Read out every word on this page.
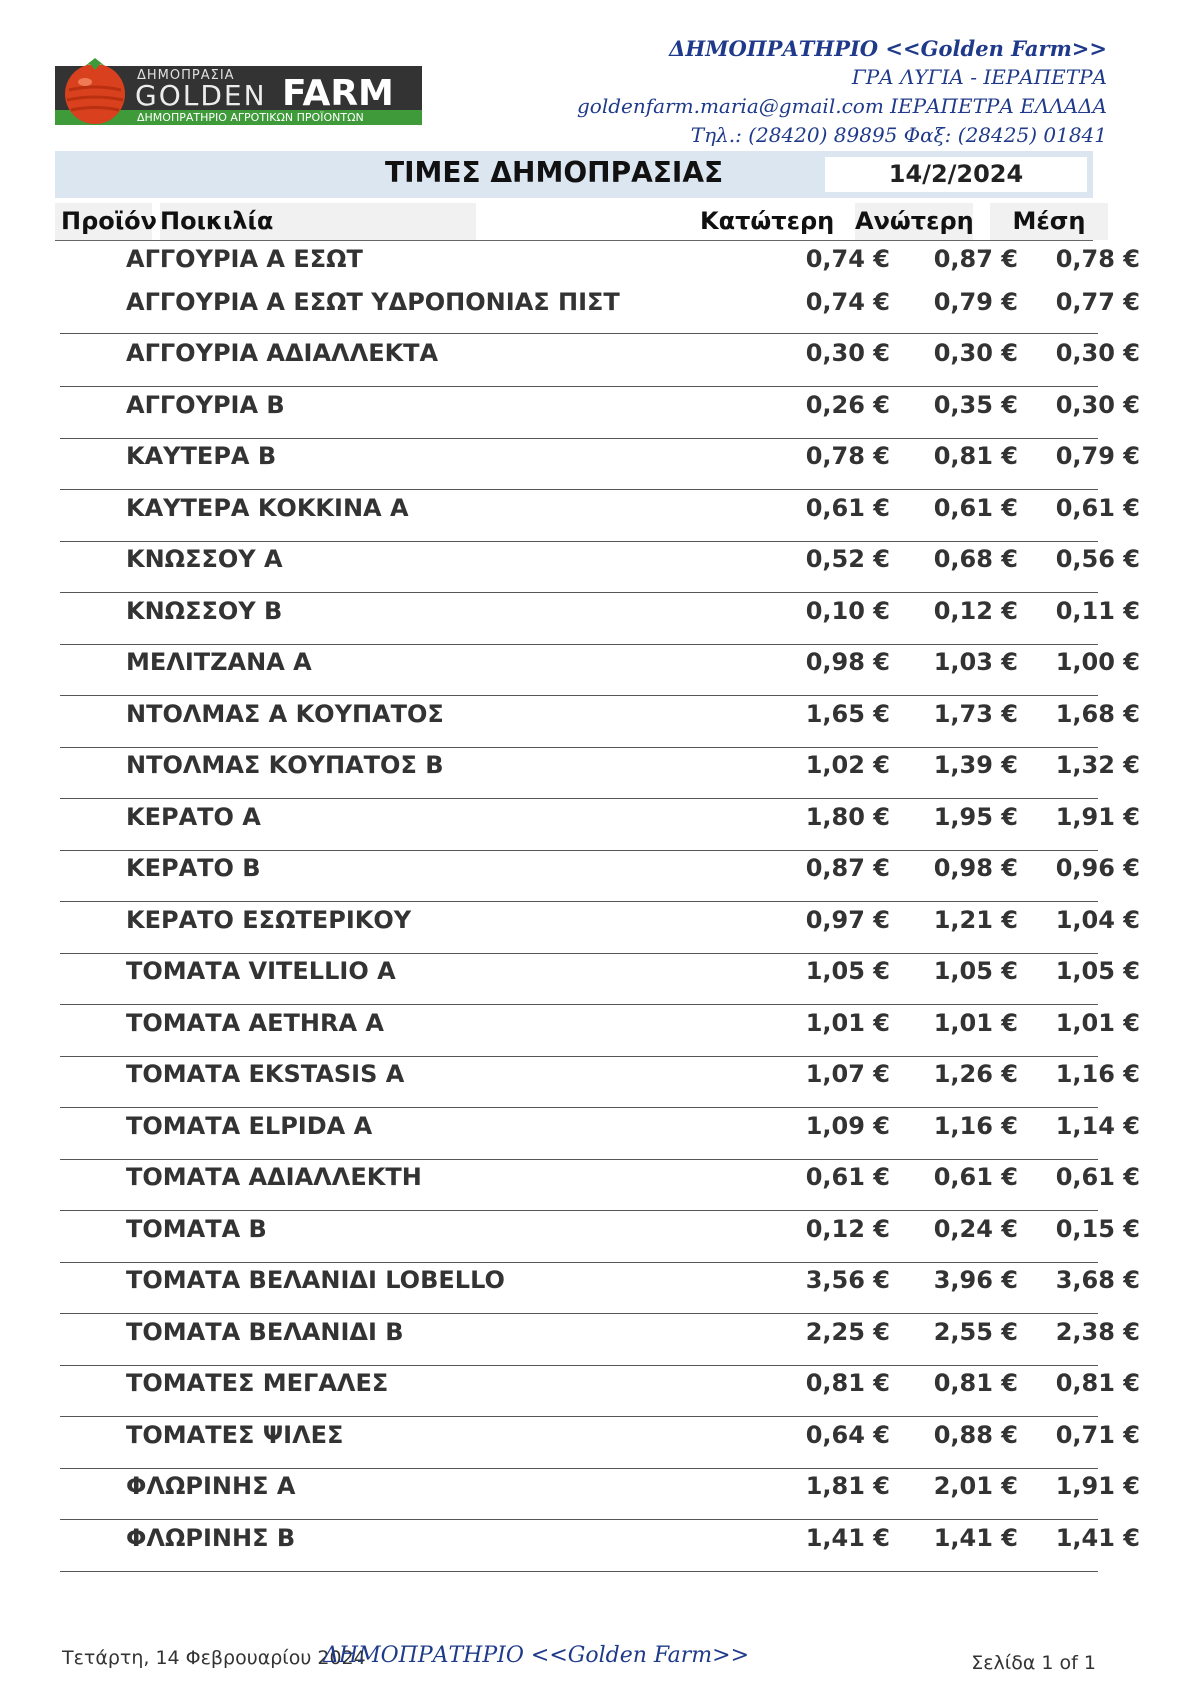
ΔΗΜΟΠΡΑΣΙΑ
GOLDEN FARM
ΔΗΜΟΠΡΑΤΗΡΙΟ ΑΓΡΟΤΙΚΩΝ ΠΡΟΪΟΝΤΩΝ
ΔΗΜΟΠΡΑΤΗΡΙΟ <<Golden Farm>>
ΓΡΑ ΛΥΓΙΑ - ΙΕΡΑΠΕΤΡΑ
goldenfarm.maria@gmail.com ΙΕΡΑΠΕΤΡΑ ΕΛΛΑΔΑ
Τηλ.: (28420) 89895 Φαξ: (28425) 01841
ΤΙΜΕΣ ΔΗΜΟΠΡΑΣΙΑΣ	14/2/2024
Προϊόν Ποικιλία	Κατώτερη Ανώτερη	Μέση
ΑΓΓΟΥΡΙΑ Α ΕΣΩΤ	0,74 €	0,87 €	0,78 €
ΑΓΓΟΥΡΙΑ Α ΕΣΩΤ ΥΔΡΟΠΟΝΙΑΣ ΠΙΣΤ	0,74 €	0,79 €	0,77 €
ΑΓΓΟΥΡΙΑ ΑΔΙΑΛΛΕΚΤΑ	0,30 €	0,30 €	0,30 €
ΑΓΓΟΥΡΙΑ Β	0,26 €	0,35 €	0,30 €
ΚΑΥΤΕΡΑ Β	0,78 €	0,81 €	0,79 €
ΚΑΥΤΕΡΑ ΚΟΚΚΙΝΑ Α	0,61 €	0,61 €	0,61 €
ΚΝΩΣΣΟΥ Α	0,52 €	0,68 €	0,56 €
ΚΝΩΣΣΟΥ Β	0,10 €	0,12 €	0,11 €
ΜΕΛΙΤΖΑΝΑ Α	0,98 €	1,03 €	1,00 €
ΝΤΟΛΜΑΣ Α ΚΟΥΠΑΤΟΣ	1,65 €	1,73 €	1,68 €
ΝΤΟΛΜΑΣ ΚΟΥΠΑΤΟΣ Β	1,02 €	1,39 €	1,32 €
ΚΕΡΑΤΟ Α	1,80 €	1,95 €	1,91 €
ΚΕΡΑΤΟ Β	0,87 €	0,98 €	0,96 €
ΚΕΡΑΤΟ ΕΣΩΤΕΡΙΚΟΥ	0,97 €	1,21 €	1,04 €
ΤΟΜΑΤΑ VITELLIO Α	1,05 €	1,05 €	1,05 €
ΤΟΜΑΤΑ AETHRA Α	1,01 €	1,01 €	1,01 €
ΤΟΜΑΤΑ EKSTASIS Α	1,07 €	1,26 €	1,16 €
ΤΟΜΑΤΑ ELPIDA Α	1,09 €	1,16 €	1,14 €
ΤΟΜΑΤΑ ΑΔΙΑΛΛΕΚΤΗ	0,61 €	0,61 €	0,61 €
ΤΟΜΑΤΑ Β	0,12 €	0,24 €	0,15 €
ΤΟΜΑΤΑ ΒΕΛΑΝΙΔΙ LOBELLO	3,56 €	3,96 €	3,68 €
ΤΟΜΑΤΑ ΒΕΛΑΝΙΔΙ Β	2,25 €	2,55 €	2,38 €
ΤΟΜΑΤΕΣ ΜΕΓΑΛΕΣ	0,81 €	0,81 €	0,81 €
ΤΟΜΑΤΕΣ ΨΙΛΕΣ	0,64 €	0,88 €	0,71 €
ΦΛΩΡΙΝΗΣ Α	1,81 €	2,01 €	1,91 €
ΦΛΩΡΙΝΗΣ Β	1,41 €	1,41 €	1,41 €
Τετάρτη, 14 Φεβρουαρίου 2024
ΔΗΜΟΠΡΑΤΗΡΙΟ <<Golden Farm>>	Σελίδα 1 of 1
